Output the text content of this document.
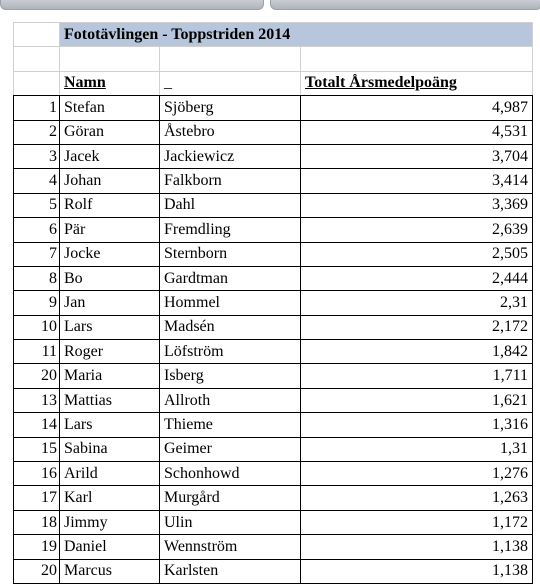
	Fototävlingen - Toppstriden 2014		

	Namn	_	Totalt Årsmedelpoäng
1	Stefan	Sjöberg	4,987
2	Göran	Åstebro	4,531
3	Jacek	Jackiewicz	3,704
4	Johan	Falkborn	3,414
5	Rolf	Dahl	3,369
6	Pär	Fremdling	2,639
7	Jocke	Sternborn	2,505
8	Bo	Gardtman	2,444
9	Jan	Hommel	2,31
10	Lars	Madsén	2,172
11	Roger	Löfström	1,842
20	Maria	Isberg	1,711
13	Mattias	Allroth	1,621
14	Lars	Thieme	1,316
15	Sabina	Geimer	1,31
16	Arild	Schonhowd	1,276
17	Karl	Murgård	1,263
18	Jimmy	Ulin	1,172
19	Daniel	Wennström	1,138
20	Marcus	Karlsten	1,138
